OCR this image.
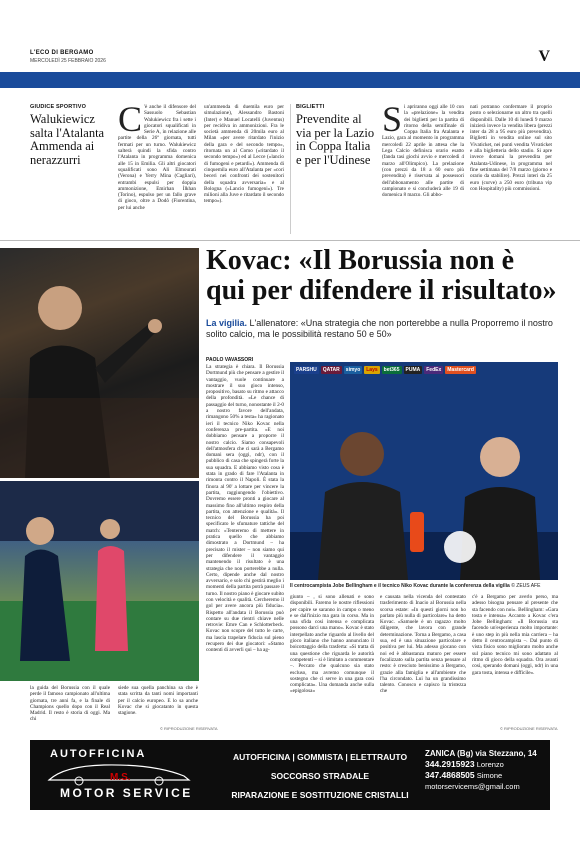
L'ECO DI BERGAMO
MERCOLEDÌ 25 FEBBRAIO 2026	V
GIUDICE SPORTIVO
Walukiewicz salta l'Atalanta Ammenda ai nerazzurri
C 'è anche il difensore del Sassuolo Sebastian Walukiewicz fra i sette i giocatori squalificati in Serie A, in relazione alle partite della 26ª giornata, tutti fermati per un turno. Walukiewicz salterà quindi la sfida contro l'Atalanta in programma domenica alle 15 in Emilia. Gli altri giocatori squalificati sono Ali Elmourati (Verona) e Yerry Mina (Cagliari), entrambi espulsi per doppia ammonizione, Emirhan İlkhan (Torino), espulso per un fallo grave di gioco, oltre a Dodô (Fiorentina, per lui anche
un'ammenda di duemila euro per simulazione), Alessandro Bastoni (Inter) e Manuel Locatelli (Juventus) per recidiva in ammonizioni. Fra le società ammenda di 20mila euro al Milan «per avere ritardato l'inizio della gara e del secondo tempo», ritornata un al Como («ritardato il secondo tempo») ed al Lecce («lancio di fumogeni e petardi»). Ammenda di cinquemila euro all'Atalanta per «cori beceri nei confronti dei sostenitori della squadra avversaria» e al Bologna («Lancio fumogeni»). Tre milioni alla Juve e ritardato il secondo tempo»).
BIGLIETTI
Prevendite al via per la Lazio in Coppa Italia e per l'Udinese
Si apriranno oggi alle 10 con la «prelazione» la vendita dei biglietti per la partita di ritorno della semifinale di Coppa Italia fra Atalanta e Lazio, gara al momento in programma mercoledì 22 aprile in attesa che la Lega Calcio definisca orario esatto (fanda tasi giochi avvio e mercoledì 4 marzo all'Olimpico). La prelazione (con prezzi da 18 a 60 euro più prevendita) è riservata ai possessori dell'abbonamento alle partite di campionato e si concluderà alle 19 di domenica 8 marzo. Gli abbo-
nati potranno confermare il proprio posto o selezionarne un altro tra quelli disponibili. Dalle 10 di lunedì 9 marzo inizierà invece la vendita libera (prezzi inter da 28 a 95 euro più prevendita). Biglietti in vendita online sul sito Vivaticket, nei punti vendita Vivaticket e alla biglietteria dello stadio. Si apre invece domani la prevendita per Atalanta-Udinese, in programma nel fine settimana del 7/8 marzo (giorno e orario da stabilire). Prezzi interi da 25 euro (curve) a 250 euro (tribuna vip con Hospitality) più commissioni.
la guida del Borussia con il quale perde il famoso campionato all'ultima giornata, tre anni fa, e la finale di Champions quello dopo con il Real Madrid. Il resto è storia di oggi. Ma chi
siede sua quella panchina sa che è stata scritta da tanti nomi importanti per il calcio europeo. E lo sa anche Kovac che si giocatanto in questa stagione.
Kovac: «Il Borussia non è qui per difendere il risultato»
La vigilia. L'allenatore: «Una strategia che non porterebbe a nulla Proporremo il nostro solito calcio, ma le possibilità restano 50 e 50»
PAOLO VAVASSORI
La strategia è chiara. Il Borussia Dortmund più che pensare a gestire il vantaggio, vuole continuare a mostrare il suo gioco intenso, propositivo, basato su ritmo e attacco della profondità. «Le chance di passaggio del turno, nonostante il 2-0 a nostro favore dell'andata, rimangono 50% a testa» ha ragionato ieri il tecnico Niko Kovac nella conferenza pre-partita. «E noi dobbiamo pensare a proporre il nostro calcio. Siamo consapevoli dell'atmosfera che ci sarà a Bergamo domani sera (oggi, ndr), con il pubblico di casa che spingerà forte la sua squadra. E abbiamo visto cosa è stata in grado di fare l'Atalanta in rimonta contro il Napoli. È stata la finora al 90' a lottare per vincere la partita, raggiungendo l'obiettivo. Dovremo essere pronti a giocare al massimo fino all'ultimo respiro della partita, con attenzione e qualità». Il tecnico del Borussia ha poi specificato le sfumature tattiche del match: «Tenteremo di mettere in pratica quello che abbiamo dimostrato a Dortmund – ha precisato il mister – non siamo qui per difendere il vantaggio mantenendo il risultato è una strategia che non porterebbe a nulla. Certo, dipende anche dal nostro avversario, e solo chi gestirà meglio i momenti della partita potrà passare il turno. Il nostro piano è giocare subito con velocità e qualità. Cercheremo il gol per avere ancora più fiducia». Rispetto all'andata il Borussia può contare su due rientri chiave nelle retrovie: Emre Can e Schlotterbeck. Kovac non scopre del tutto le carte, ma lascia trapelare fiducia sul pieno recupero dei due giocatori: «Stamo contenti di avverli qui – ha ag-
PARSHU	QATAR	simyo	Lays	bet365	PUMA	FedEx	Mastercard
Il centrocampista Jobe Bellingham e il tecnico Niko Kovac durante la conferenza della vigilia © ZEUS AFE
giunto – , si sono allenati e sono disponibili. Faremo le nostre riflessioni per capire se saranno in campo o meno e se dall'inizio ma gara in corso. Ma in una sfida così intensa e complicata possono darci una mano». Kovac è stato interpellato anche riguardo al livello del gioco italiano che hanno annunciato il boicottaggio della trasferta: «Si tratta di una questione che riguarda le autorità competenti – si è limitato a commentare –. Peccato che qualcuno sia stato escluso, ma avremo comunque il sostegno che ci serve in una gara così complicata». Una domanda anche sulla «epigolosa»
e causata nella vicenda del contestato trasferimento di Inacio al Borussia nella scorsa estate: «In questi giorni non ho parlato più nulla di particolare» ha detto Kovac. «Samuele è un ragazzo molto diligente, che lavora con grande determinazione. Torna a Bergamo, a casa sua, ed è una situazione particolare e positiva per lui. Ma adesso giocano con noi ed è abbastanza maturo per essere focalizzato sulla partita senza pensare al resto: è cresciuto benissimo a Bergamo, grazie alla famiglia e all'ambiente che l'ha circondato. Lui ha un grandissimo talento. Conosco e capisco la tristezza che
c'è a Bergamo per averlo perso, ma adesso bisogna pensare al presente che sta facendo con noi». Bellingham: «Gara tosta e intensa» Accanto a Kovac c'era Jobe Bellingham: «Il Borussia sta facendo un'esperienza molto importante: è uno step in più nella mia carriera – ha detto il centrocampista –. Dal punto di vista fisico sono migliorato molto anche sul piano tecnico mi sono adattato al ritmo di gioco della squadra. Ora avanti così, sperando domani (oggi, ndr) in una gara tosta, intensa e difficile».
© RIPRODUZIONE RISERVATA	© RIPRODUZIONE RISERVATA
AUTOFFICINA
M.S.
MOTOR SERVICE
AUTOFFICINA | GOMMISTA | ELETTRAUTO
SOCCORSO STRADALE
RIPARAZIONE E SOSTITUZIONE CRISTALLI
ZANICA (Bg) via Stezzano, 14
344.2915923 Lorenzo
347.4868505 Simone
motorservicems@gmail.com
